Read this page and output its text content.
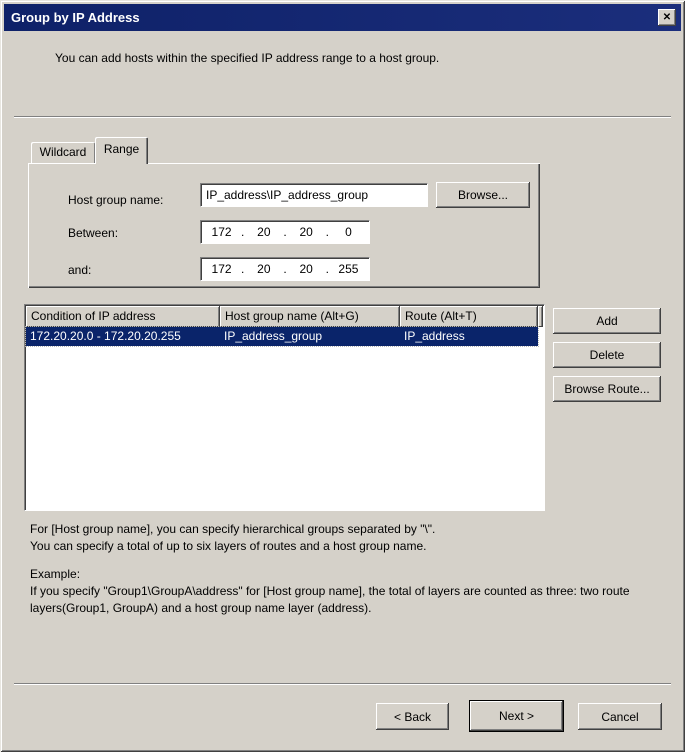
Group by IP Address	✕
You can add hosts within the specified IP address range to a host group.
Wildcard	Range
Host group name:
IP_address\IP_address_group	Browse...
Between:	172 .	20	.	20	.	0
and:	172 .	20	.	20	. 255
Condition of IP address	Host group name (Alt+G)	Route (Alt+T)
172.20.20.0 - 172.20.20.255	IP_address_group	IP_address
Add
Delete
Browse Route...
For [Host group name], you can specify hierarchical groups separated by "\".
You can specify a total of up to six layers of routes and a host group name.
Example:
If you specify "Group1\GroupA\address" for [Host group name], the total of layers are counted as three: two route layers(Group1, GroupA) and a host group name layer (address).
< Back	Next >	Cancel
